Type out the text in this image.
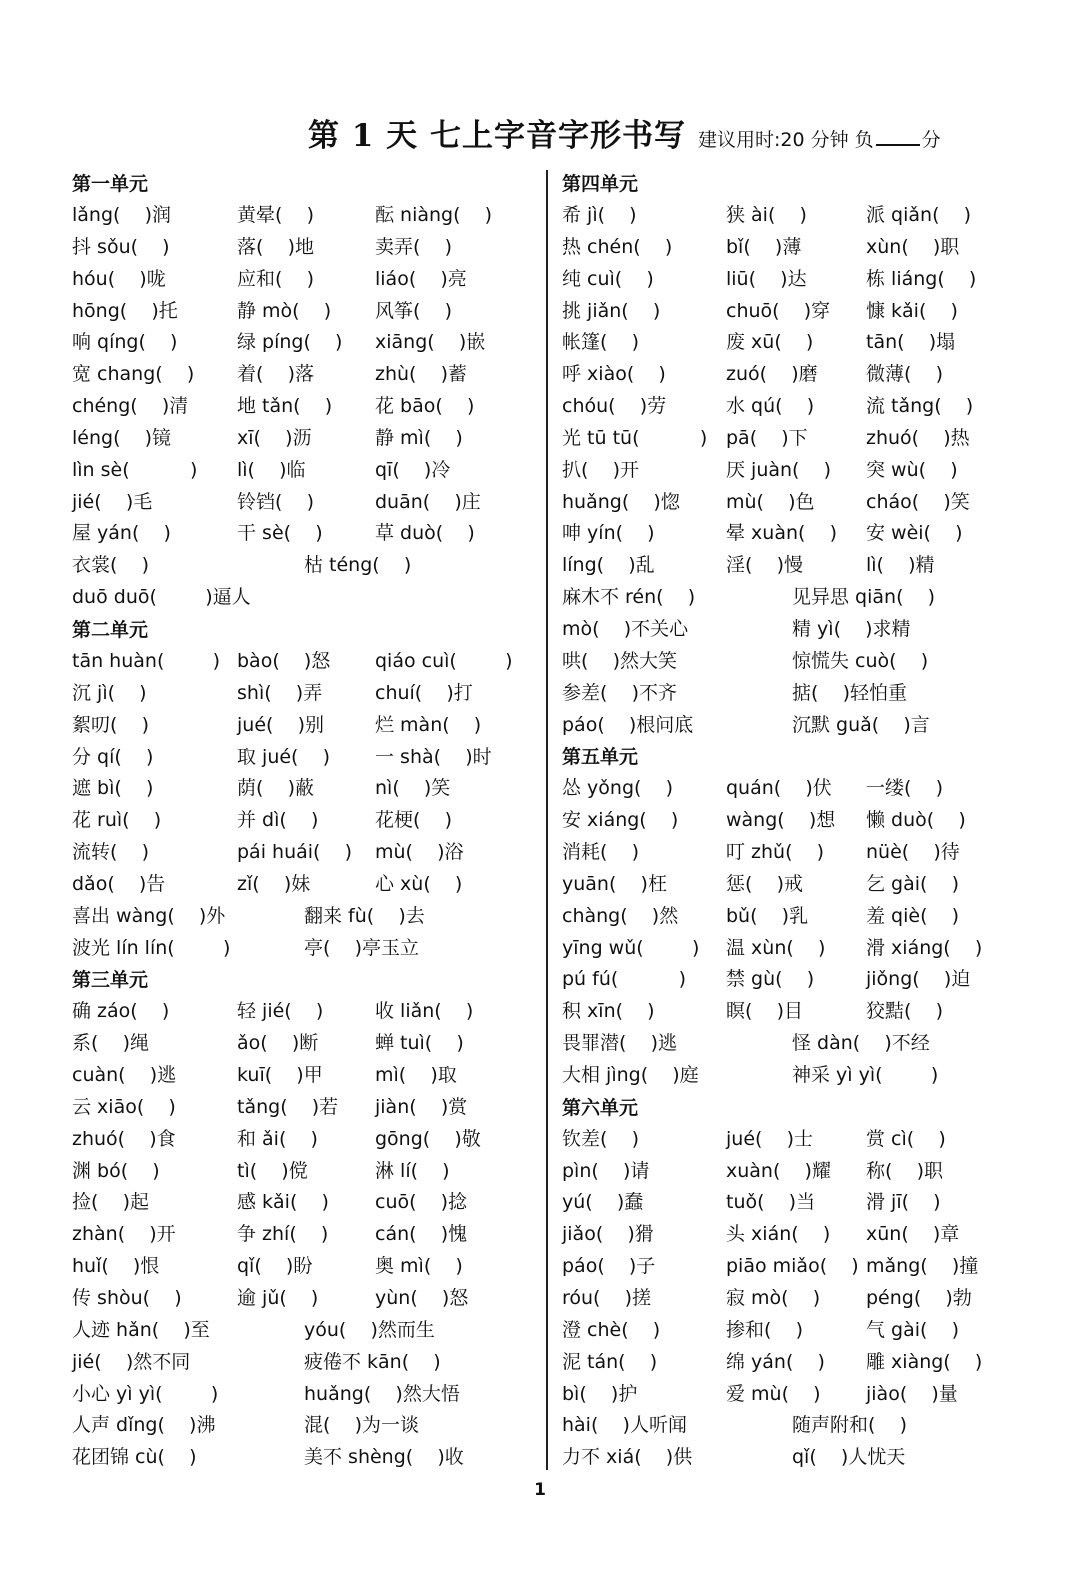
第 1 天 七上字音字形书写 建议用时:20 分钟 负	分
第一单元
lǎng(    )润	黄晕(    )	酝 niàng(    )
抖 sǒu(    )	落(    )地	卖弄(    )
hóu(    )咙	应和(    )	liáo(    )亮
hōng(    )托	静 mò(    ) 风筝(    )
响 qíng(    )	绿 píng(    ) xiāng(    )嵌
宽 chang(    ) 着(    )落	zhù(    )蓄
chéng(    )清	地 tǎn(    ) 花 bāo(    )
léng(    )镜	xī(    )沥	静 mì(    )
lìn sè(          ) lì(    )临	qī(    )冷
jié(    )毛	铃铛(    )	duān(    )庄
屋 yán(    )	干 sè(    )	草 duò(    )
衣裳(    )	枯 téng(    )
duō duō(        )逼人
第二单元
tān huàn(        ) bào(    )怒 qiáo cuì(        )
沉 jì(    )	shì(    )弄	chuí(    )打
絮叨(    )	jué(    )别	烂 màn(    )
分 qí(    )	取 jué(    ) 一 shà(    )时
遮 bì(    )	荫(    )蔽	nì(    )笑
花 ruì(    )	并 dì(    )	花梗(    )
流转(    )	pái huái(    ) mù(    )浴
dǎo(    )告	zǐ(    )妹	心 xù(    )
喜出 wàng(    )外	翻来 fù(    )去
波光 lín lín(        )	亭(    )亭玉立
第三单元
确 záo(    )	轻 jié(    )	收 liǎn(    )
系(    )绳	ǎo(    )断	蝉 tuì(    )
cuàn(    )逃	kuī(    )甲	mì(    )取
云 xiāo(    )	tǎng(    )若 jiàn(    )赏
zhuó(    )食	和 ǎi(    )	gōng(    )敬
渊 bó(    )	tì(    )傥	淋 lí(    )
捡(    )起	感 kǎi(    ) cuō(    )捻
zhàn(    )开	争 zhí(    ) cán(    )愧
huǐ(    )恨	qǐ(    )盼	奥 mì(    )
传 shòu(    )	逾 jǔ(    )	yùn(    )怒
人迹 hǎn(    )至	yóu(    )然而生
jié(    )然不同	疲倦不 kān(    )
小心 yì yì(        )	huǎng(    )然大悟
人声 dǐng(    )沸	混(    )为一谈
花团锦 cù(    )	美不 shèng(    )收
第四单元
希 jì(    )	狭 ài(    )	派 qiǎn(    )
热 chén(    )	bǐ(    )薄	xùn(    )职
纯 cuì(    )	liū(    )达	栋 liáng(    )
挑 jiǎn(    )	chuō(    )穿 慷 kǎi(    )
帐篷(    )	废 xū(    )	tān(    )塌
呼 xiào(    )	zuó(    )磨	微薄(    )
chóu(    )劳	水 qú(    )	流 tǎng(    )
光 tū tū(          ) pā(    )下	zhuó(    )热
扒(    )开	厌 juàn(    ) 突 wù(    )
huǎng(    )惚 mù(    )色	cháo(    )笑
呻 yín(    )	晕 xuàn(    ) 安 wèi(    )
líng(    )乱	淫(    )慢	lì(    )精
麻木不 rén(    )	见异思 qiān(    )
mò(    )不关心	精 yì(    )求精
哄(    )然大笑	惊慌失 cuò(    )
参差(    )不齐	掂(    )轻怕重
páo(    )根问底	沉默 guǎ(    )言
第五单元
怂 yǒng(    )	quán(    )伏 一缕(    )
安 xiáng(    )	wàng(    )想 懒 duò(    )
消耗(    )	叮 zhǔ(    ) nüè(    )待
yuān(    )枉	惩(    )戒	乞 gài(    )
chàng(    )然	bǔ(    )乳	羞 qiè(    )
yīng wǔ(        ) 温 xùn(    ) 滑 xiáng(    )
pú fú(          ) 禁 gù(    )	jiǒng(    )迫
积 xīn(    )	瞑(    )目	狡黠(    )
畏罪潜(    )逃	怪 dàn(    )不经
大相 jìng(    )庭	神采 yì yì(        )
第六单元
钦差(    )	jué(    )士	赏 cì(    )
pìn(    )请	xuàn(    )耀 称(    )职
yú(    )蠢	tuǒ(    )当	滑 jī(    )
jiǎo(    )猾	头 xián(    ) xūn(    )章
páo(    )子	piāo miǎo(    ) mǎng(    )撞
róu(    )搓	寂 mò(    ) péng(    )勃
澄 chè(    )	掺和(    )	气 gài(    )
泥 tán(    )	绵 yán(    ) 雕 xiàng(    )
bì(    )护	爱 mù(    ) jiào(    )量
hài(    )人听闻	随声附和(    )
力不 xiá(    )供	qǐ(    )人忧天
1
